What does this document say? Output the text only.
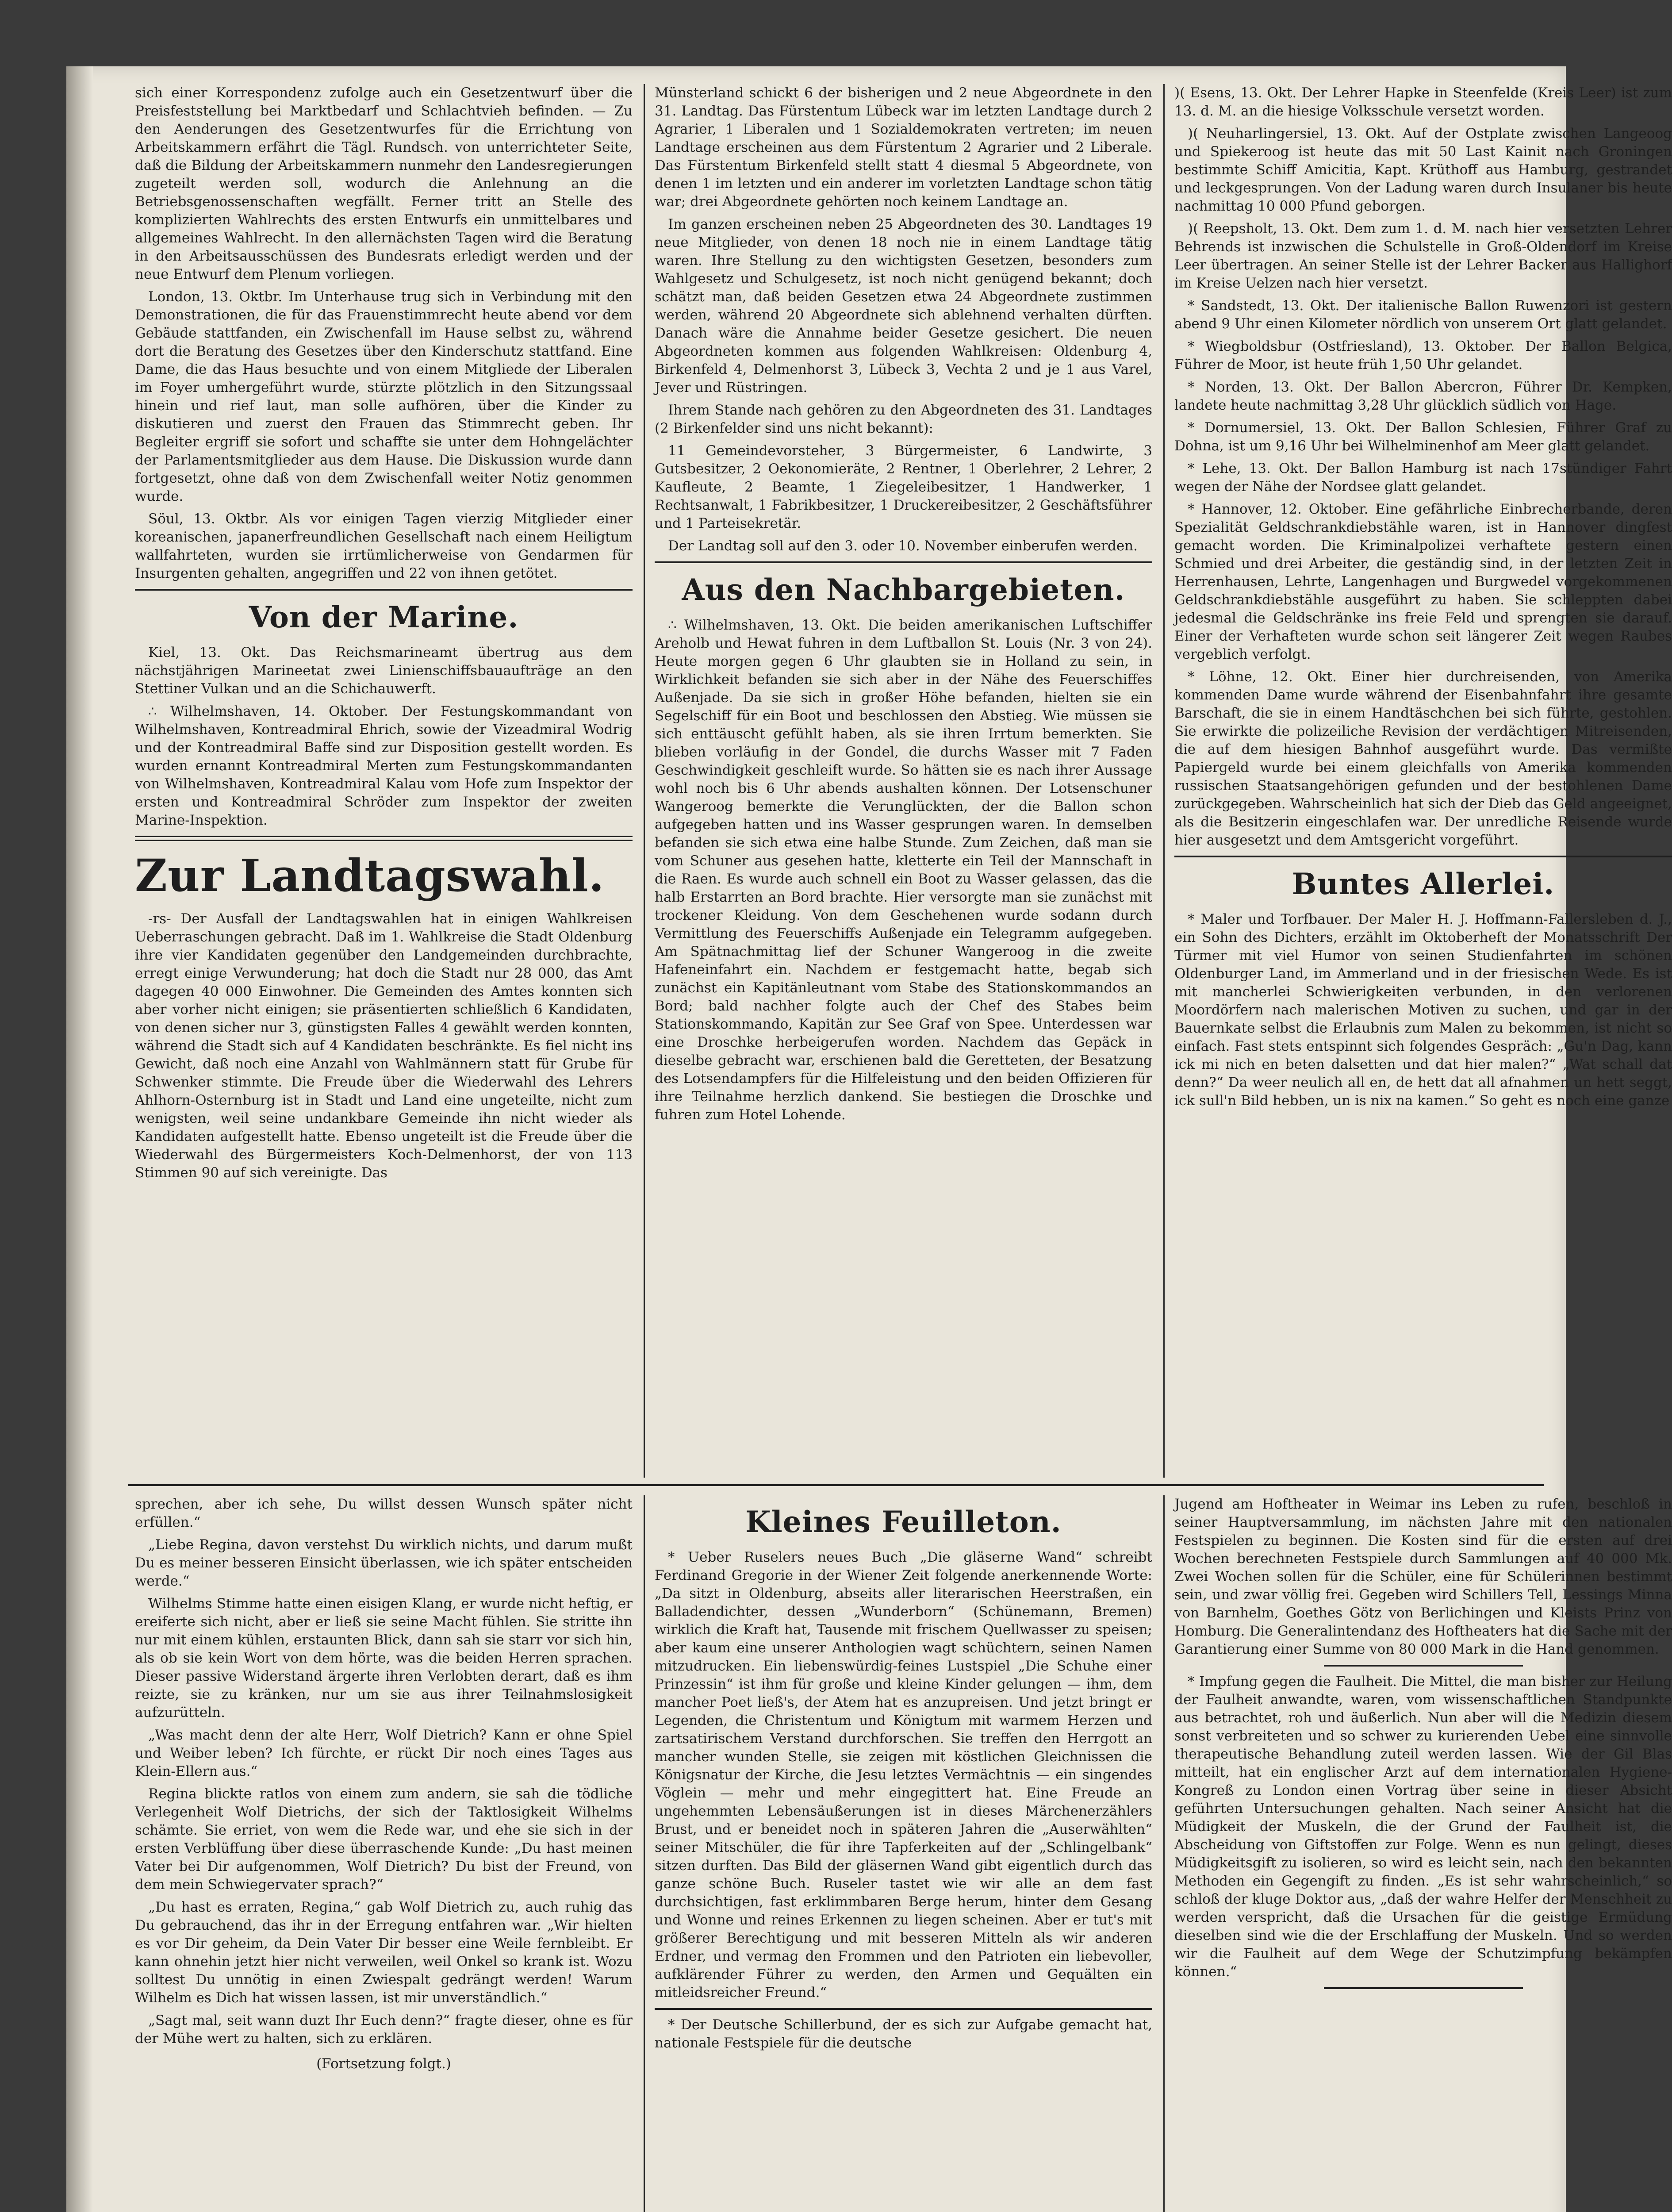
sich einer Korrespondenz zufolge auch ein Gesetzentwurf über die Preisfeststellung bei Marktbedarf und Schlachtvieh befinden. — Zu den Aenderungen des Gesetzentwurfes für die Errichtung von Arbeitskammern erfährt die Tägl. Rundsch. von unterrichteter Seite, daß die Bildung der Arbeitskammern nunmehr den Landesregierungen zugeteilt werden soll, wodurch die Anlehnung an die Betriebsgenossenschaften wegfällt. Ferner tritt an Stelle des komplizierten Wahlrechts des ersten Entwurfs ein unmittelbares und allgemeines Wahlrecht. In den allernächsten Tagen wird die Beratung in den Arbeitsausschüssen des Bundesrats erledigt werden und der neue Entwurf dem Plenum vorliegen.

London, 13. Oktbr. Im Unterhause trug sich in Verbindung mit den Demonstrationen, die für das Frauenstimmrecht heute abend vor dem Gebäude stattfanden, ein Zwischenfall im Hause selbst zu, während dort die Beratung des Gesetzes über den Kinderschutz stattfand. Eine Dame, die das Haus besuchte und von einem Mitgliede der Liberalen im Foyer umhergeführt wurde, stürzte plötzlich in den Sitzungssaal hinein und rief laut, man solle aufhören, über die Kinder zu diskutieren und zuerst den Frauen das Stimmrecht geben. Ihr Begleiter ergriff sie sofort und schaffte sie unter dem Hohngelächter der Parlamentsmitglieder aus dem Hause. Die Diskussion wurde dann fortgesetzt, ohne daß von dem Zwischenfall weiter Notiz genommen wurde.

Söul, 13. Oktbr. Als vor einigen Tagen vierzig Mitglieder einer koreanischen, japanerfreundlichen Gesellschaft nach einem Heiligtum wallfahrteten, wurden sie irrtümlicherweise von Gendarmen für Insurgenten gehalten, angegriffen und 22 von ihnen getötet.

Von der Marine.

Kiel, 13. Okt. Das Reichsmarineamt übertrug aus dem nächstjährigen Marineetat zwei Linienschiffsbauaufträge an den Stettiner Vulkan und an die Schichauwerft.

∴ Wilhelmshaven, 14. Oktober. Der Festungskommandant von Wilhelmshaven, Kontreadmiral Ehrich, sowie der Vizeadmiral Wodrig und der Kontreadmiral Baffe sind zur Disposition gestellt worden. Es wurden ernannt Kontreadmiral Merten zum Festungskommandanten von Wilhelmshaven, Kontreadmiral Kalau vom Hofe zum Inspektor der ersten und Kontreadmiral Schröder zum Inspektor der zweiten Marine-Inspektion.

Zur Landtagswahl.

-rs- Der Ausfall der Landtagswahlen hat in einigen Wahlkreisen Ueberraschungen gebracht. Daß im 1. Wahlkreise die Stadt Oldenburg ihre vier Kandidaten gegenüber den Landgemeinden durchbrachte, erregt einige Verwunderung; hat doch die Stadt nur 28 000, das Amt dagegen 40 000 Einwohner. Die Gemeinden des Amtes konnten sich aber vorher nicht einigen; sie präsentierten schließlich 6 Kandidaten, von denen sicher nur 3, günstigsten Falles 4 gewählt werden konnten, während die Stadt sich auf 4 Kandidaten beschränkte. Es fiel nicht ins Gewicht, daß noch eine Anzahl von Wahlmännern statt für Grube für Schwenker stimmte. Die Freude über die Wiederwahl des Lehrers Ahlhorn-Osternburg ist in Stadt und Land eine ungeteilte, nicht zum wenigsten, weil seine undankbare Gemeinde ihn nicht wieder als Kandidaten aufgestellt hatte. Ebenso ungeteilt ist die Freude über die Wiederwahl des Bürgermeisters Koch-Delmenhorst, der von 113 Stimmen 90 auf sich vereinigte. Das

Münsterland schickt 6 der bisherigen und 2 neue Abgeordnete in den 31. Landtag. Das Fürstentum Lübeck war im letzten Landtage durch 2 Agrarier, 1 Liberalen und 1 Sozialdemokraten vertreten; im neuen Landtage erscheinen aus dem Fürstentum 2 Agrarier und 2 Liberale. Das Fürstentum Birkenfeld stellt statt 4 diesmal 5 Abgeordnete, von denen 1 im letzten und ein anderer im vorletzten Landtage schon tätig war; drei Abgeordnete gehörten noch keinem Landtage an.

Im ganzen erscheinen neben 25 Abgeordneten des 30. Landtages 19 neue Mitglieder, von denen 18 noch nie in einem Landtage tätig waren. Ihre Stellung zu den wichtigsten Gesetzen, besonders zum Wahlgesetz und Schulgesetz, ist noch nicht genügend bekannt; doch schätzt man, daß beiden Gesetzen etwa 24 Abgeordnete zustimmen werden, während 20 Abgeordnete sich ablehnend verhalten dürften. Danach wäre die Annahme beider Gesetze gesichert. Die neuen Abgeordneten kommen aus folgenden Wahlkreisen: Oldenburg 4, Birkenfeld 4, Delmenhorst 3, Lübeck 3, Vechta 2 und je 1 aus Varel, Jever und Rüstringen.

Ihrem Stande nach gehören zu den Abgeordneten des 31. Landtages (2 Birkenfelder sind uns nicht bekannt):

11 Gemeindevorsteher, 3 Bürgermeister, 6 Landwirte, 3 Gutsbesitzer, 2 Oekonomieräte, 2 Rentner, 1 Oberlehrer, 2 Lehrer, 2 Kaufleute, 2 Beamte, 1 Ziegeleibesitzer, 1 Handwerker, 1 Rechtsanwalt, 1 Fabrikbesitzer, 1 Druckereibesitzer, 2 Geschäftsführer und 1 Parteisekretär.

Der Landtag soll auf den 3. oder 10. November einberufen werden.

Aus den Nachbargebieten.

∴ Wilhelmshaven, 13. Okt. Die beiden amerikanischen Luftschiffer Areholb und Hewat fuhren in dem Luftballon St. Louis (Nr. 3 von 24). Heute morgen gegen 6 Uhr glaubten sie in Holland zu sein, in Wirklichkeit befanden sie sich aber in der Nähe des Feuerschiffes Außenjade. Da sie sich in großer Höhe befanden, hielten sie ein Segelschiff für ein Boot und beschlossen den Abstieg. Wie müssen sie sich enttäuscht gefühlt haben, als sie ihren Irrtum bemerkten. Sie blieben vorläufig in der Gondel, die durchs Wasser mit 7 Faden Geschwindigkeit geschleift wurde. So hätten sie es nach ihrer Aussage wohl noch bis 6 Uhr abends aushalten können. Der Lotsenschuner Wangeroog bemerkte die Verunglückten, der die Ballon schon aufgegeben hatten und ins Wasser gesprungen waren. In demselben befanden sie sich etwa eine halbe Stunde. Zum Zeichen, daß man sie vom Schuner aus gesehen hatte, kletterte ein Teil der Mannschaft in die Raen. Es wurde auch schnell ein Boot zu Wasser gelassen, das die halb Erstarrten an Bord brachte. Hier versorgte man sie zunächst mit trockener Kleidung. Von dem Geschehenen wurde sodann durch Vermittlung des Feuerschiffs Außenjade ein Telegramm aufgegeben. Am Spätnachmittag lief der Schuner Wangeroog in die zweite Hafeneinfahrt ein. Nachdem er festgemacht hatte, begab sich zunächst ein Kapitänleutnant vom Stabe des Stationskommandos an Bord; bald nachher folgte auch der Chef des Stabes beim Stationskommando, Kapitän zur See Graf von Spee. Unterdessen war eine Droschke herbeigerufen worden. Nachdem das Gepäck in dieselbe gebracht war, erschienen bald die Geretteten, der Besatzung des Lotsendampfers für die Hilfeleistung und den beiden Offizieren für ihre Teilnahme herzlich dankend. Sie bestiegen die Droschke und fuhren zum Hotel Lohende.

)( Esens, 13. Okt. Der Lehrer Hapke in Steenfelde (Kreis Leer) ist zum 13. d. M. an die hiesige Volksschule versetzt worden.

)( Neuharlingersiel, 13. Okt. Auf der Ostplate zwischen Langeoog und Spiekeroog ist heute das mit 50 Last Kainit nach Groningen bestimmte Schiff Amicitia, Kapt. Krüthoff aus Hamburg, gestrandet und leckgesprungen. Von der Ladung waren durch Insulaner bis heute nachmittag 10 000 Pfund geborgen.

)( Reepsholt, 13. Okt. Dem zum 1. d. M. nach hier versetzten Lehrer Behrends ist inzwischen die Schulstelle in Groß-Oldendorf im Kreise Leer übertragen. An seiner Stelle ist der Lehrer Backer aus Hallighorf im Kreise Uelzen nach hier versetzt.

* Sandstedt, 13. Okt. Der italienische Ballon Ruwenzori ist gestern abend 9 Uhr einen Kilometer nördlich von unserem Ort glatt gelandet.

* Wiegboldsbur (Ostfriesland), 13. Oktober. Der Ballon Belgica, Führer de Moor, ist heute früh 1,50 Uhr gelandet.

* Norden, 13. Okt. Der Ballon Abercron, Führer Dr. Kempken, landete heute nachmittag 3,28 Uhr glücklich südlich von Hage.

* Dornumersiel, 13. Okt. Der Ballon Schlesien, Führer Graf zu Dohna, ist um 9,16 Uhr bei Wilhelminenhof am Meer glatt gelandet.

* Lehe, 13. Okt. Der Ballon Hamburg ist nach 17stündiger Fahrt wegen der Nähe der Nordsee glatt gelandet.

* Hannover, 12. Oktober. Eine gefährliche Einbrecherbande, deren Spezialität Geldschrankdiebstähle waren, ist in Hannover dingfest gemacht worden. Die Kriminalpolizei verhaftete gestern einen Schmied und drei Arbeiter, die geständig sind, in der letzten Zeit in Herrenhausen, Lehrte, Langenhagen und Burgwedel vorgekommenen Geldschrankdiebstähle ausgeführt zu haben. Sie schleppten dabei jedesmal die Geldschränke ins freie Feld und sprengten sie darauf. Einer der Verhafteten wurde schon seit längerer Zeit wegen Raubes vergeblich verfolgt.

* Löhne, 12. Okt. Einer hier durchreisenden, von Amerika kommenden Dame wurde während der Eisenbahnfahrt ihre gesamte Barschaft, die sie in einem Handtäschchen bei sich führte, gestohlen. Sie erwirkte die polizeiliche Revision der verdächtigen Mitreisenden, die auf dem hiesigen Bahnhof ausgeführt wurde. Das vermißte Papiergeld wurde bei einem gleichfalls von Amerika kommenden russischen Staatsangehörigen gefunden und der bestohlenen Dame zurückgegeben. Wahrscheinlich hat sich der Dieb das Geld angeeignet, als die Besitzerin eingeschlafen war. Der unredliche Reisende wurde hier ausgesetzt und dem Amtsgericht vorgeführt.

Buntes Allerlei.

* Maler und Torfbauer. Der Maler H. J. Hoffmann-Fallersleben d. J., ein Sohn des Dichters, erzählt im Oktoberheft der Monatsschrift Der Türmer mit viel Humor von seinen Studienfahrten im schönen Oldenburger Land, im Ammerland und in der friesischen Wede. Es ist mit mancherlei Schwierigkeiten verbunden, in den verlorenen Moordörfern nach malerischen Motiven zu suchen, und gar in der Bauernkate selbst die Erlaubnis zum Malen zu bekommen, ist nicht so einfach. Fast stets entspinnt sich folgendes Gespräch: „Gu'n Dag, kann ick mi nich en beten dalsetten und dat hier malen?“ „Wat schall dat denn?“ Da weer neulich all en, de hett dat all afnahmen un hett seggt, ick sull'n Bild hebben, un is nix na kamen.“ So geht es noch eine ganze

sprechen, aber ich sehe, Du willst dessen Wunsch später nicht erfüllen.“

„Liebe Regina, davon verstehst Du wirklich nichts, und darum mußt Du es meiner besseren Einsicht überlassen, wie ich später entscheiden werde.“

Wilhelms Stimme hatte einen eisigen Klang, er wurde nicht heftig, er ereiferte sich nicht, aber er ließ sie seine Macht fühlen. Sie stritte ihn nur mit einem kühlen, erstaunten Blick, dann sah sie starr vor sich hin, als ob sie kein Wort von dem hörte, was die beiden Herren sprachen. Dieser passive Widerstand ärgerte ihren Verlobten derart, daß es ihm reizte, sie zu kränken, nur um sie aus ihrer Teilnahmslosigkeit aufzurütteln.

„Was macht denn der alte Herr, Wolf Dietrich? Kann er ohne Spiel und Weiber leben? Ich fürchte, er rückt Dir noch eines Tages aus Klein-Ellern aus.“

Regina blickte ratlos von einem zum andern, sie sah die tödliche Verlegenheit Wolf Dietrichs, der sich der Taktlosigkeit Wilhelms schämte. Sie erriet, von wem die Rede war, und ehe sie sich in der ersten Verblüffung über diese überraschende Kunde: „Du hast meinen Vater bei Dir aufgenommen, Wolf Dietrich? Du bist der Freund, von dem mein Schwiegervater sprach?“

„Du hast es erraten, Regina,“ gab Wolf Dietrich zu, auch ruhig das Du gebrauchend, das ihr in der Erregung entfahren war. „Wir hielten es vor Dir geheim, da Dein Vater Dir besser eine Weile fernbleibt. Er kann ohnehin jetzt hier nicht verweilen, weil Onkel so krank ist. Wozu solltest Du unnötig in einen Zwiespalt gedrängt werden! Warum Wilhelm es Dich hat wissen lassen, ist mir unverständlich.“

„Sagt mal, seit wann duzt Ihr Euch denn?“ fragte dieser, ohne es für der Mühe wert zu halten, sich zu erklären.

(Fortsetzung folgt.)
Kleines Feuilleton.

* Ueber Ruselers neues Buch „Die gläserne Wand“ schreibt Ferdinand Gregorie in der Wiener Zeit folgende anerkennende Worte: „Da sitzt in Oldenburg, abseits aller literarischen Heerstraßen, ein Balladendichter, dessen „Wunderborn“ (Schünemann, Bremen) wirklich die Kraft hat, Tausende mit frischem Quellwasser zu speisen; aber kaum eine unserer Anthologien wagt schüchtern, seinen Namen mitzudrucken. Ein liebenswürdig-feines Lustspiel „Die Schuhe einer Prinzessin“ ist ihm für große und kleine Kinder gelungen — ihm, dem mancher Poet ließ's, der Atem hat es anzupreisen. Und jetzt bringt er Legenden, die Christentum und Königtum mit warmem Herzen und zartsatirischem Verstand durchforschen. Sie treffen den Herrgott an mancher wunden Stelle, sie zeigen mit köstlichen Gleichnissen die Königsnatur der Kirche, die Jesu letztes Vermächtnis — ein singendes Vöglein — mehr und mehr eingegittert hat. Eine Freude an ungehemmten Lebensäußerungen ist in dieses Märchenerzählers Brust, und er beneidet noch in späteren Jahren die „Auserwählten“ seiner Mitschüler, die für ihre Tapferkeiten auf der „Schlingelbank“ sitzen durften. Das Bild der gläsernen Wand gibt eigentlich durch das ganze schöne Buch. Ruseler tastet wie wir alle an dem fast durchsichtigen, fast erklimmbaren Berge herum, hinter dem Gesang und Wonne und reines Erkennen zu liegen scheinen. Aber er tut's mit größerer Berechtigung und mit besseren Mitteln als wir anderen Erdner, und vermag den Frommen und den Patrioten ein liebevoller, aufklärender Führer zu werden, den Armen und Gequälten ein mitleidsreicher Freund.“

* Der Deutsche Schillerbund, der es sich zur Aufgabe gemacht hat, nationale Festspiele für die deutsche

Jugend am Hoftheater in Weimar ins Leben zu rufen, beschloß in seiner Hauptversammlung, im nächsten Jahre mit den nationalen Festspielen zu beginnen. Die Kosten sind für die ersten auf drei Wochen berechneten Festspiele durch Sammlungen auf 40 000 Mk. Zwei Wochen sollen für die Schüler, eine für Schülerinnen bestimmt sein, und zwar völlig frei. Gegeben wird Schillers Tell, Lessings Minna von Barnhelm, Goethes Götz von Berlichingen und Kleists Prinz von Homburg. Die Generalintendanz des Hoftheaters hat die Sache mit der Garantierung einer Summe von 80 000 Mark in die Hand genommen.

* Impfung gegen die Faulheit. Die Mittel, die man bisher zur Heilung der Faulheit anwandte, waren, vom wissenschaftlichen Standpunkte aus betrachtet, roh und äußerlich. Nun aber will die Medizin diesem sonst verbreiteten und so schwer zu kurierenden Uebel eine sinnvolle therapeutische Behandlung zuteil werden lassen. Wie der Gil Blas mitteilt, hat ein englischer Arzt auf dem internationalen Hygiene-Kongreß zu London einen Vortrag über seine in dieser Absicht geführten Untersuchungen gehalten. Nach seiner Ansicht hat die Müdigkeit der Muskeln, die der Grund der Faulheit ist, die Abscheidung von Giftstoffen zur Folge. Wenn es nun gelingt, dieses Müdigkeitsgift zu isolieren, so wird es leicht sein, nach den bekannten Methoden ein Gegengift zu finden. „Es ist sehr wahrscheinlich,“ so schloß der kluge Doktor aus, „daß der wahre Helfer der Menschheit zu werden verspricht, daß die Ursachen für die geistige Ermüdung dieselben sind wie die der Erschlaffung der Muskeln. Und so werden wir die Faulheit auf dem Wege der Schutzimpfung bekämpfen können.“
